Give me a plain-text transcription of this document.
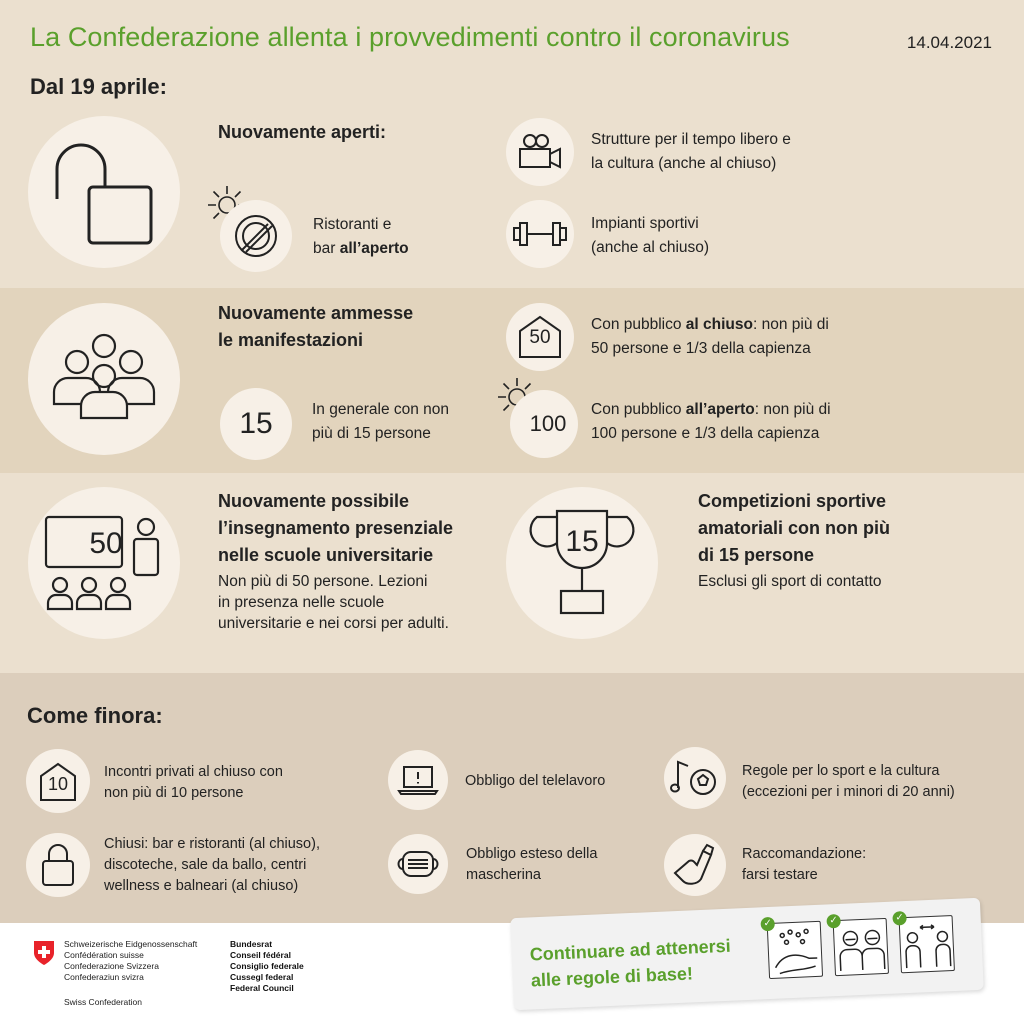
La Confederazione allenta i provvedimenti contro il coronavirus	14.04.2021
Dal 19 aprile:
Nuovamente aperti:
Ristoranti e
bar all’aperto
Strutture per il tempo libero e
la cultura (anche al chiuso)
Impianti sportivi
(anche al chiuso)
Nuovamente ammesse
le manifestazioni
15	In generale con non
più di 15 persone
50
Con pubblico al chiuso: non più di
50 persone e 1/3 della capienza
100
Con pubblico all’aperto: non più di
100 persone e 1/3 della capienza
50
Nuovamente possibile
l’insegnamento presenziale
nelle scuole universitarie
Non più di 50 persone. Lezioni
in presenza nelle scuole
universitarie e nei corsi per adulti.
15
Competizioni sportive
amatoriali con non più
di 15 persone
Esclusi gli sport di contatto
Come finora:
10
Incontri privati al chiuso con
non più di 10 persone
Chiusi: bar e ristoranti (al chiuso),
discoteche, sale da ballo, centri
wellness e balneari (al chiuso)
Obbligo del telelavoro
Obbligo esteso della
mascherina
Regole per lo sport e la cultura
(eccezioni per i minori di 20 anni)
Raccomandazione:
farsi testare
Schweizerische Eidgenossenschaft
Confédération suisse
Confederazione Svizzera
Confederaziun svizra
Swiss Confederation
Bundesrat
Conseil fédéral
Consiglio federale
Cussegl federal
Federal Council
Continuare ad attenersi
alle regole di base!
✓	✓	✓
